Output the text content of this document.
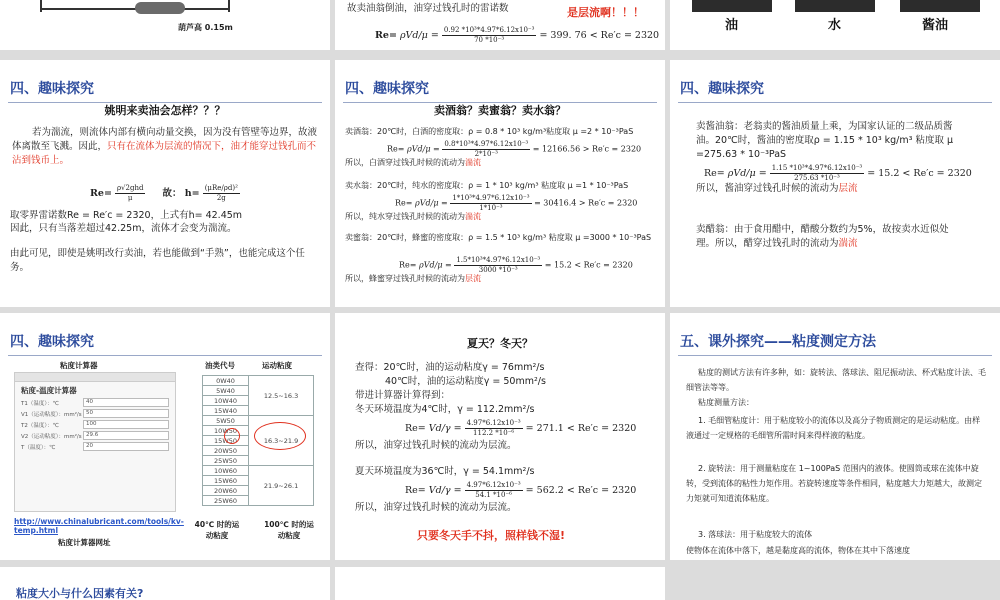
葫芦高 0.15m
故卖油翁倒油，油穿过钱孔时的雷诺数	是层流啊！！！
$Re= \rho Vd/\mu = \frac{\text{0.92 *10³*4.97*6.12x10⁻³}}{\text{70 *10⁻³}} = 399$. 76 < Re′c = 2320
油	水	酱油
四、趣味探究
姚明来卖油会怎样？？？
若为湍流，则流体内部有横向动量交换，因为没有管壁等边界，故液体离散至飞溅。因此，只有在流体为层流的情况下，油才能穿过钱孔而不沾到钱币上。
$Re= \frac{\text{ρ√2ghd}}{\mu}$ 故： $h= \frac{\text{(μRe/ρd)²}}{2g}$
取零界雷诺数Re = Re′c = 2320，上式有h= 42.45m
因此，只有当落差超过42.25m，流体才会变为湍流。
由此可见，即使是姚明改行卖油，若也能做到“手熟”，也能完成这个任务。
四、趣味探究
卖酒翁？卖蜜翁？卖水翁？
卖酒翁：20℃时，白酒的密度取：ρ = 0.8 * 10³ kg/m³粘度取 μ =2 * 10⁻³PaS
$Re= \rho Vd/\mu = \frac{\text{0.8*10³*4.97*6.12x10⁻³}}{\text{2*10⁻³}} = 12166.56 > Re'c = 2320$
所以，白酒穿过钱孔时候的流动为湍流
卖水翁：20℃时，纯水的密度取：ρ = 1 * 10³ kg/m³ 粘度取 μ =1 * 10⁻³PaS
$Re= \rho Vd/\mu = \frac{\text{1*10³*4.97*6.12x10⁻³}}{\text{1*10⁻³}} = 30416.4 > Re'c = 2320$
所以，纯水穿过钱孔时候的流动为湍流
卖蜜翁：20℃时，蜂蜜的密度取：ρ = 1.5 * 10³ kg/m³ 粘度取 μ =3000 * 10⁻³PaS
$Re= \rho Vd/\mu = \frac{\text{1.5*10³*4.97*6.12x10⁻³}}{\text{3000 *10⁻³}} = 15.2 < Re'c = 2320$
所以，蜂蜜穿过钱孔时候的流动为层流
四、趣味探究
卖酱油翁：老翁卖的酱油质量上乘，为国家认证的二级品质酱油。20℃时，酱油的密度取ρ = 1.15 * 10³ kg/m³ 粘度取 μ =275.63 * 10⁻³PaS
$Re= \rho Vd/\mu = \frac{\text{1.15 *10³*4.97*6.12x10⁻³}}{\text{275.63 *10⁻³}} = 15.2 < Re'c = 2320$
所以，酱油穿过钱孔时候的流动为层流
卖醋翁：由于食用醋中，醋酸分数约为5%，故按卖水近似处理。所以，醋穿过钱孔时的流动为湍流
四、趣味探究
粘度计算器	油类代号	运动粘度
粘度-温度计算器
T1（温度）：℃	40
V1（运动粘度）：mm²/s 50
T2（温度）：℃	100
V2（运动粘度）：mm²/s 29.6
T（温度）：℃	20
0W40	12.5~16.3
5W40	
10W40	
15W40	
5W50	16.3~21.9
10W50	
15W50	
20W50	
25W50	
10W60	21.9~26.1
15W60	
20W60	
25W60	
http://www.chinalubricant.com/tools/kv-temp.html
粘度计算器网址
40℃ 时的运动粘度
100℃ 时的运动粘度
夏天？冬天？
查得：20℃时，油的运动粘度γ = 76mm²/s
40℃时，油的运动粘度γ = 50mm²/s
带进计算器计算得到：
冬天环境温度为4℃时，γ = 112.2mm²/s
$Re= Vd/\gamma = \frac{\text{4.97*6.12x10⁻³}}{\text{112.2 *10⁻⁶}} = 271.1 < Re'c = 2320$
所以，油穿过钱孔时候的流动为层流。
夏天环境温度为36℃时，γ = 54.1mm²/s
$Re= Vd/\gamma = \frac{\text{4.97*6.12x10⁻³}}{\text{54.1 *10⁻⁶}} = 562.2 < Re'c = 2320$
所以，油穿过钱孔时候的流动为层流。
只要冬天手不抖，照样钱不湿!
五、课外探究——粘度测定方法
粘度的测试方法有许多种，如：旋转法、落球法、阻尼振动法、杯式粘度计法、毛细管法等等。
粘度测量方法：
1. 毛细管粘度计：用于粘度较小的流体以及高分子物质测定的是运动粘度。由样液通过一定规格的毛细管所需时间来得样液的粘度。
2. 旋转法：用于测量粘度在 1~100PaS 范围内的液体。使圆筒或球在流体中旋转，受到流体的粘性力矩作用。若旋转速度等条件相同，粘度越大力矩越大，故测定力矩就可知道流体粘度。
3. 落球法：用于粘度较大的流体
使物体在流体中落下，越是黏度高的流体，物体在其中下落速度
粘度大小与什么因素有关?
